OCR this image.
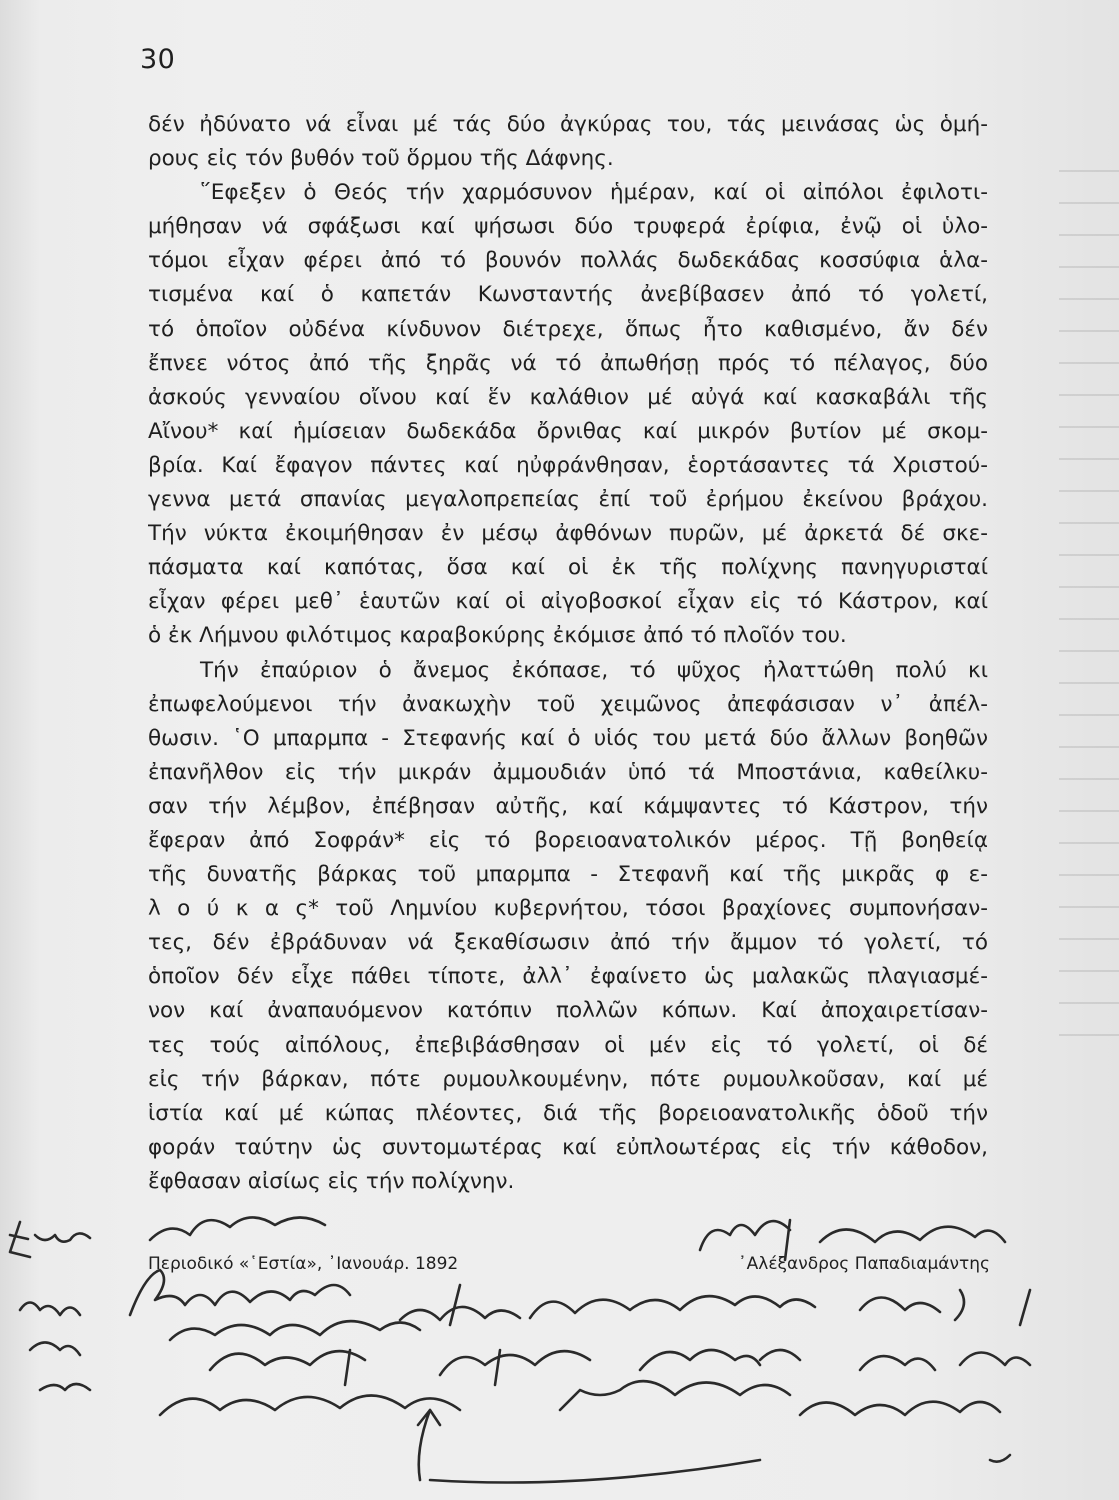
30
δέν ἠδύνατο νά εἶναι μέ τάς δύο ἀγκύρας του, τάς μεινάσας ὡς ὁμή-
ρους εἰς τόν βυθόν τοῦ ὅρμου τῆς Δάφνης.
῞Εφεξεν ὁ Θεός τήν χαρμόσυνον ἡμέραν, καί οἱ αἰπόλοι ἐφιλοτι-
μήθησαν νά σφάξωσι καί ψήσωσι δύο τρυφερά ἐρίφια, ἐνῷ οἱ ὑλο-
τόμοι εἶχαν φέρει ἀπό τό βουνόν πολλάς δωδεκάδας κοσσύφια ἁλα-
τισμένα καί ὁ καπετάν Κωνσταντής ἀνεβίβασεν ἀπό τό γολετί,
τό ὁποῖον οὐδένα κίνδυνον διέτρεχε, ὅπως ἦτο καθισμένο, ἄν δέν
ἔπνεε νότος ἀπό τῆς ξηρᾶς νά τό ἀπωθήσῃ πρός τό πέλαγος, δύο
ἀσκούς γενναίου οἴνου καί ἕν καλάθιον μέ αὐγά καί κασκαβάλι τῆς
Αἴνου* καί ἡμίσειαν δωδεκάδα ὄρνιθας καί μικρόν βυτίον μέ σκομ-
βρία. Καί ἔφαγον πάντες καί ηὐφράνθησαν, ἑορτάσαντες τά Χριστού-
γεννα μετά σπανίας μεγαλοπρεπείας ἐπί τοῦ ἐρήμου ἐκείνου βράχου.
Τήν νύκτα ἐκοιμήθησαν ἐν μέσῳ ἀφθόνων πυρῶν, μέ ἀρκετά δέ σκε-
πάσματα καί καπότας, ὅσα καί οἱ ἐκ τῆς πολίχνης πανηγυρισταί
εἶχαν φέρει μεθ᾽ ἑαυτῶν καί οἱ αἰγοβοσκοί εἶχαν εἰς τό Κάστρον, καί
ὁ ἐκ Λήμνου φιλότιμος καραβοκύρης ἐκόμισε ἀπό τό πλοῖόν του.
Τήν ἐπαύριον ὁ ἄνεμος ἐκόπασε, τό ψῦχος ἠλαττώθη πολύ κι
ἐπωφελούμενοι τήν ἀνακωχὴν τοῦ χειμῶνος ἀπεφάσισαν ν᾽ ἀπέλ-
θωσιν. ῾Ο μπαρμπα - Στεφανής καί ὁ υἱός του μετά δύο ἄλλων βοηθῶν
ἐπανῆλθον εἰς τήν μικράν ἀμμουδιάν ὑπό τά Μποστάνια, καθείλκυ-
σαν τήν λέμβον, ἐπέβησαν αὐτῆς, καί κάμψαντες τό Κάστρον, τήν
ἔφεραν ἀπό Σοφράν* εἰς τό βορειοανατολικόν μέρος. Τῇ βοηθείᾳ
τῆς δυνατῆς βάρκας τοῦ μπαρμπα - Στεφανῆ καί τῆς μικρᾶς φ ε-
λ ο ύ κ α ς* τοῦ Λημνίου κυβερνήτου, τόσοι βραχίονες συμπονήσαν-
τες, δέν ἐβράδυναν νά ξεκαθίσωσιν ἀπό τήν ἄμμον τό γολετί, τό
ὁποῖον δέν εἶχε πάθει τίποτε, ἀλλ᾽ ἐφαίνετο ὡς μαλακῶς πλαγιασμέ-
νον καί ἀναπαυόμενον κατόπιν πολλῶν κόπων. Καί ἀποχαιρετίσαν-
τες τούς αἰπόλους, ἐπεβιβάσθησαν οἱ μέν εἰς τό γολετί, οἱ δέ
εἰς τήν βάρκαν, πότε ρυμουλκουμένην, πότε ρυμουλκοῦσαν, καί μέ
ἱστία καί μέ κώπας πλέοντες, διά τῆς βορειοανατολικῆς ὁδοῦ τήν
φοράν ταύτην ὡς συντομωτέρας καί εὐπλοωτέρας εἰς τήν κάθοδον,
ἔφθασαν αἰσίως εἰς τήν πολίχνην.
Περιοδικό «῾Εστία», ᾽Ιανουάρ. 1892	᾽Αλέξανδρος Παπαδιαμάντης
